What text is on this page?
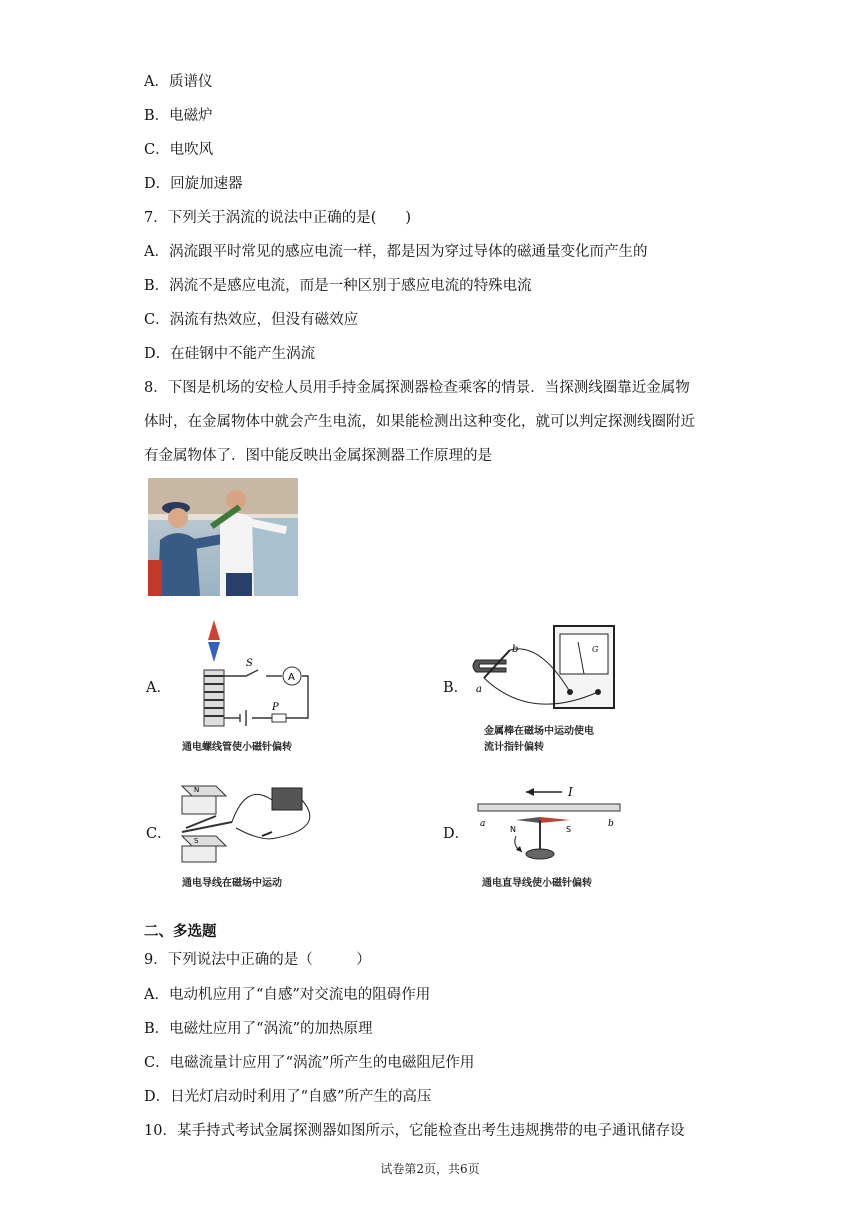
A．质谱仪
B．电磁炉
C．电吹风
D．回旋加速器
7．下列关于涡流的说法中正确的是(　　)
A．涡流跟平时常见的感应电流一样，都是因为穿过导体的磁通量变化而产生的
B．涡流不是感应电流，而是一种区别于感应电流的特殊电流
C．涡流有热效应，但没有磁效应
D．在硅钢中不能产生涡流
8．下图是机场的安检人员用手持金属探测器检查乘客的情景．当探测线圈靠近金属物
体时，在金属物体中就会产生电流，如果能检测出这种变化，就可以判定探测线圈附近
有金属物体了．图中能反映出金属探测器工作原理的是
A．
A
S
P
通电螺线管使小磁针偏转
B．
b
a
G
金属棒在磁场中运动使电
流计指针偏转
C．
N
S
通电导线在磁场中运动
D．
I
a	b
N	S
通电直导线使小磁针偏转
二、多选题
9．下列说法中正确的是（　　　）
A．电动机应用了“自感”对交流电的阻碍作用
B．电磁灶应用了“涡流”的加热原理
C．电磁流量计应用了“涡流”所产生的电磁阻尼作用
D．日光灯启动时利用了“自感”所产生的高压
10．某手持式考试金属探测器如图所示，它能检查出考生违规携带的电子通讯储存设
试卷第2页，共6页
